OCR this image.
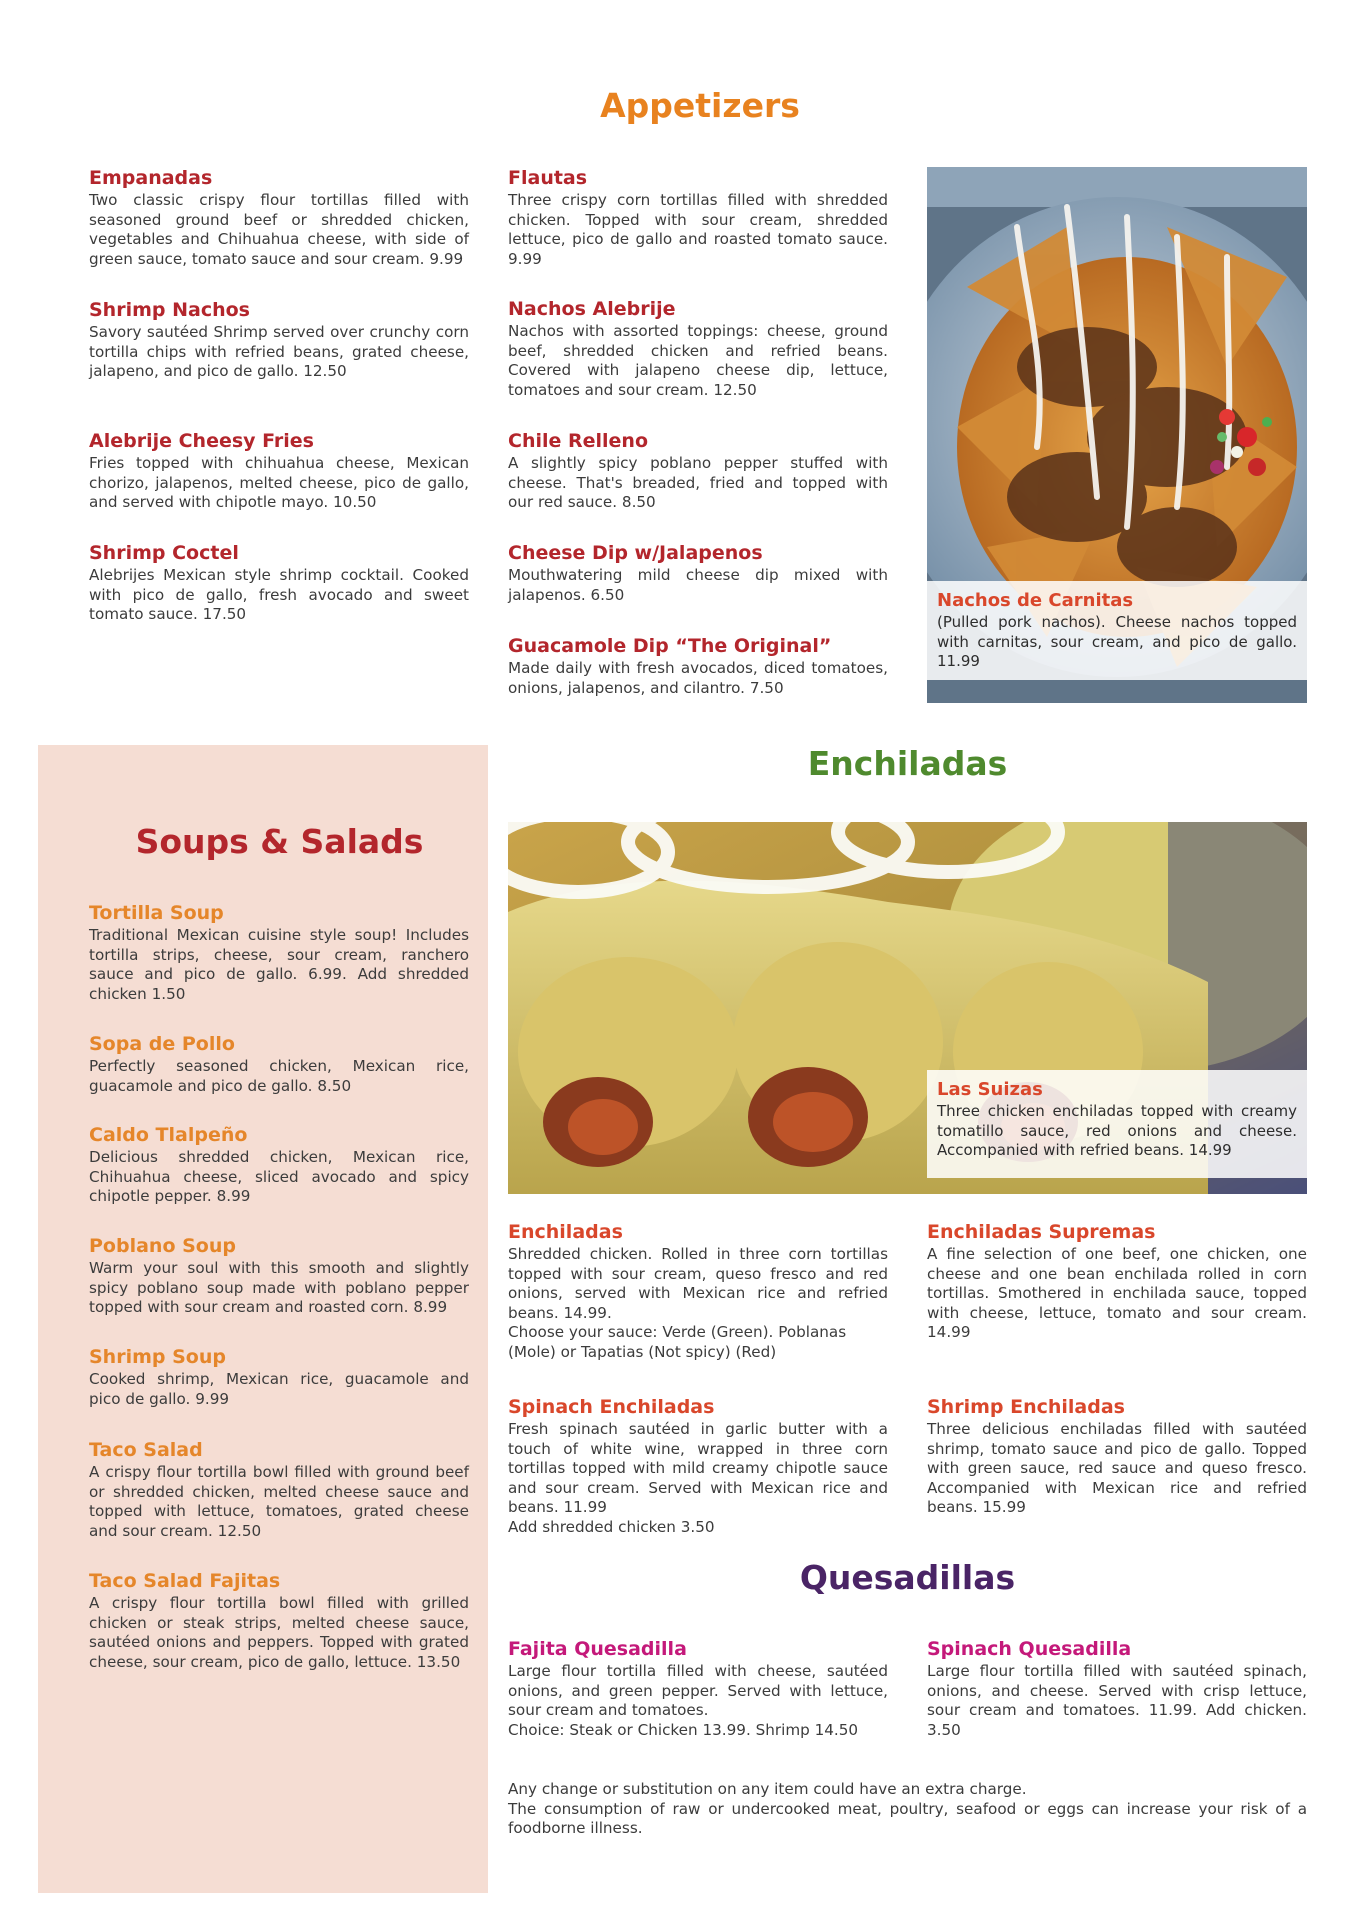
Appetizers

Empanadas

Two classic crispy flour tortillas filled with seasoned ground beef or shredded chicken, vegetables and Chihuahua cheese, with side of green sauce, tomato sauce and sour cream. 9.99

Shrimp Nachos

Savory sautéed Shrimp served over crunchy corn tortilla chips with refried beans, grated cheese, jalapeno, and pico de gallo. 12.50

Alebrije Cheesy Fries

Fries topped with chihuahua cheese, Mexican chorizo, jalapenos, melted cheese, pico de gallo, and served with chipotle mayo. 10.50

Shrimp Coctel

Alebrijes Mexican style shrimp cocktail. Cooked with pico de gallo, fresh avocado and sweet tomato sauce. 17.50

Flautas

Three crispy corn tortillas filled with shredded chicken. Topped with sour cream, shredded lettuce, pico de gallo and roasted tomato sauce. 9.99

Nachos Alebrije

Nachos with assorted toppings: cheese, ground beef, shredded chicken and refried beans. Covered with jalapeno cheese dip, lettuce, tomatoes and sour cream. 12.50

Chile Relleno

A slightly spicy poblano pepper stuffed with cheese. That's breaded, fried and topped with our red sauce. 8.50

Cheese Dip w/Jalapenos

Mouthwatering mild cheese dip mixed with jalapenos. 6.50

Guacamole Dip “The Original”

Made daily with fresh avocados, diced tomatoes, onions, jalapenos, and cilantro. 7.50

Nachos de Carnitas
(Pulled pork nachos). Cheese nachos topped with carnitas, sour cream, and pico de gallo. 11.99
Soups & Salads

Tortilla Soup

Traditional Mexican cuisine style soup! Includes tortilla strips, cheese, sour cream, ranchero sauce and pico de gallo. 6.99. Add shredded chicken 1.50

Sopa de Pollo

Perfectly seasoned chicken, Mexican rice, guacamole and pico de gallo. 8.50

Caldo Tlalpeño

Delicious shredded chicken, Mexican rice, Chihuahua cheese, sliced avocado and spicy chipotle pepper. 8.99

Poblano Soup

Warm your soul with this smooth and slightly spicy poblano soup made with poblano pepper topped with sour cream and roasted corn. 8.99

Shrimp Soup

Cooked shrimp, Mexican rice, guacamole and pico de gallo. 9.99

Taco Salad

A crispy flour tortilla bowl filled with ground beef or shredded chicken, melted cheese sauce and topped with lettuce, tomatoes, grated cheese and sour cream. 12.50

Taco Salad Fajitas

A crispy flour tortilla bowl filled with grilled chicken or steak strips, melted cheese sauce, sautéed onions and peppers. Topped with grated cheese, sour cream, pico de gallo, lettuce. 13.50

Enchiladas
Las Suizas
Three chicken enchiladas topped with creamy tomatillo sauce, red onions and cheese. Accompanied with refried beans. 14.99

Enchiladas

Shredded chicken. Rolled in three corn tortillas topped with sour cream, queso fresco and red onions, served with Mexican rice and refried beans. 14.99.

Choose your sauce: Verde (Green). Poblanas (Mole) or Tapatias (Not spicy) (Red)

Enchiladas Supremas

A fine selection of one beef, one chicken, one cheese and one bean enchilada rolled in corn tortillas. Smothered in enchilada sauce, topped with cheese, lettuce, tomato and sour cream. 14.99

Spinach Enchiladas

Fresh spinach sautéed in garlic butter with a touch of white wine, wrapped in three corn tortillas topped with mild creamy chipotle sauce and sour cream. Served with Mexican rice and beans. 11.99

Add shredded chicken 3.50

Shrimp Enchiladas

Three delicious enchiladas filled with sautéed shrimp, tomato sauce and pico de gallo. Topped with green sauce, red sauce and queso fresco. Accompanied with Mexican rice and refried beans. 15.99

Quesadillas

Fajita Quesadilla

Large flour tortilla filled with cheese, sautéed onions, and green pepper. Served with lettuce, sour cream and tomatoes.

Choice: Steak or Chicken 13.99. Shrimp 14.50

Spinach Quesadilla

Large flour tortilla filled with sautéed spinach, onions, and cheese. Served with crisp lettuce, sour cream and tomatoes. 11.99. Add chicken. 3.50

Any change or substitution on any item could have an extra charge.
The consumption of raw or undercooked meat, poultry, seafood or eggs can increase your risk of a foodborne illness.
